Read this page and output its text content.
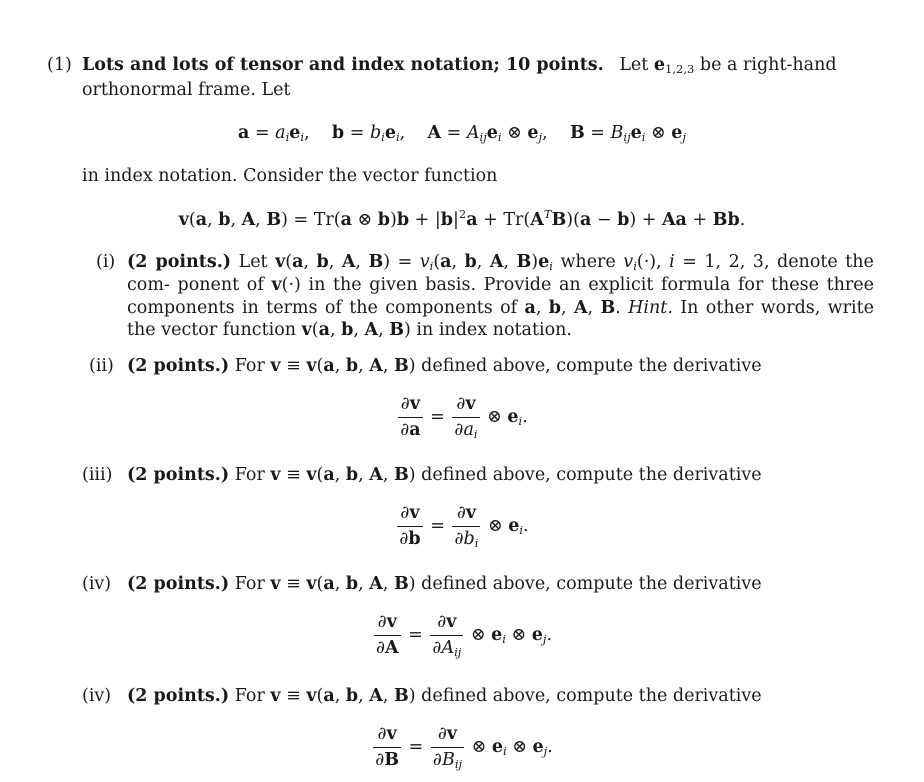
(1) Lots and lots of tensor and index notation; 10 points. Let $e_{1,2,3}$ be a right-hand
orthonormal frame. Let
$a = a_ie_i$,    $b = b_ie_i$,    $A = A_{ij}e_i$ ⊗ $e_j$,    $B = B_{ij}e_i$ ⊗ $e_j$
in index notation. Consider the vector function
v(a, b, A, B) = Tr(a ⊗ $b)b + |b|^2a + Tr(A^TB)(a - b) + Aa + Bb$.
(i) (2 points.) Let v(a, b, A, $B) = v_i(a$, b, A, $B)e_i$ where $v_i(\cdot)$, i = 1, 2, 3, denote the com- ponent of v(·) in the given basis. Provide an explicit formula for these three components in terms of the components of a, b, A, B. Hint. In other words, write the vector function v(a, b, A, B) in index notation.
(ii) (2 points.) For v ≡ v(a, b, A, B) defined above, compute the derivative
$\frac{\partial v}{\partial a} = \frac{\partial v}{\partial a_i}$ ⊗ $e_i$.
(iii) (2 points.) For v ≡ v(a, b, A, B) defined above, compute the derivative
$\frac{\partial v}{\partial b} = \frac{\partial v}{\partial b_i}$ ⊗ $e_i$.
(iv) (2 points.) For v ≡ v(a, b, A, B) defined above, compute the derivative
$\frac{\partial v}{\partial A} = \frac{\partial v}{\partial A_{ij}}$ ⊗ $e_i$ ⊗ $e_j$.
(iv) (2 points.) For v ≡ v(a, b, A, B) defined above, compute the derivative
$\frac{\partial v}{\partial B} = \frac{\partial v}{\partial B_{ij}}$ ⊗ $e_i$ ⊗ $e_j$.
